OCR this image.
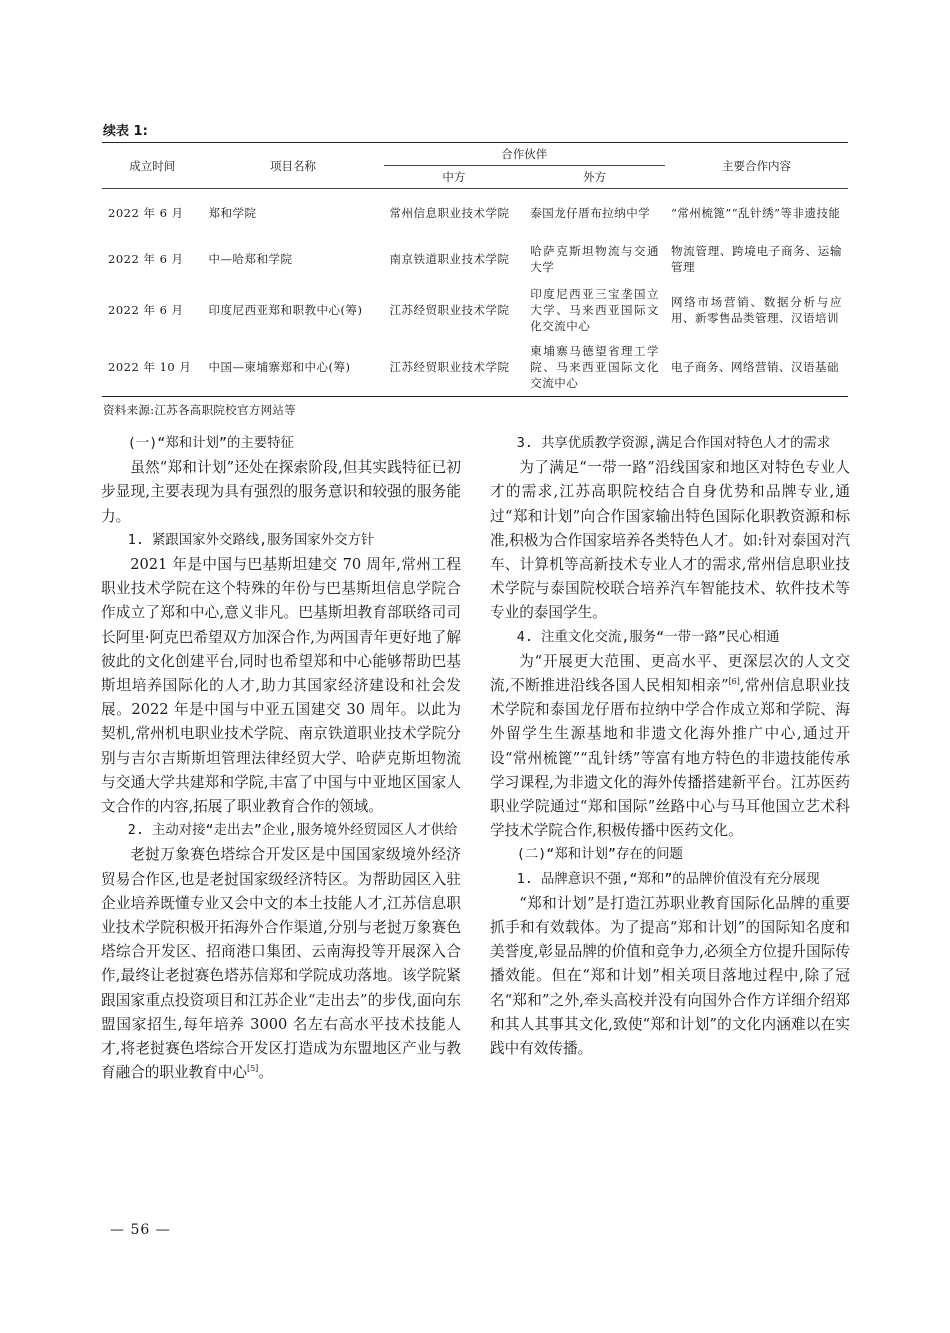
续表 1:
成立时间	项目名称	合作伙伴		主要合作内容
		中方	外方	
2022 年 6 月	郑和学院	常州信息职业技术学院	泰国龙仔厝布拉纳中学	“常州梳篦”“乱针绣”等非遗技能
2022 年 6 月	中—哈郑和学院	南京铁道职业技术学院	哈萨克斯坦物流与交通大学	物流管理、跨境电子商务、运输管理
2022 年 6 月	印度尼西亚郑和职教中心(筹)	江苏经贸职业技术学院	印度尼西亚三宝垄国立大学、马来西亚国际文化交流中心	网络市场营销、数据分析与应用、新零售品类管理、汉语培训
2022 年 10 月	中国—柬埔寨郑和中心(筹)	江苏经贸职业技术学院	柬埔寨马德望省理工学院、马来西亚国际文化交流中心	电子商务、网络营销、汉语基础
资料来源:江苏各高职院校官方网站等

(一)“郑和计划”的主要特征

虽然“郑和计划”还处在探索阶段,但其实践特征已初步显现,主要表现为具有强烈的服务意识和较强的服务能力。

1. 紧跟国家外交路线,服务国家外交方针

2021 年是中国与巴基斯坦建交 70 周年,常州工程职业技术学院在这个特殊的年份与巴基斯坦信息学院合作成立了郑和中心,意义非凡。巴基斯坦教育部联络司司长阿里·阿克巴希望双方加深合作,为两国青年更好地了解彼此的文化创建平台,同时也希望郑和中心能够帮助巴基斯坦培养国际化的人才,助力其国家经济建设和社会发展。2022 年是中国与中亚五国建交 30 周年。以此为契机,常州机电职业技术学院、南京铁道职业技术学院分别与吉尔吉斯斯坦管理法律经贸大学、哈萨克斯坦物流与交通大学共建郑和学院,丰富了中国与中亚地区国家人文合作的内容,拓展了职业教育合作的领域。

2. 主动对接“走出去”企业,服务境外经贸园区人才供给

老挝万象赛色塔综合开发区是中国国家级境外经济贸易合作区,也是老挝国家级经济特区。为帮助园区入驻企业培养既懂专业又会中文的本土技能人才,江苏信息职业技术学院积极开拓海外合作渠道,分别与老挝万象赛色塔综合开发区、招商港口集团、云南海投等开展深入合作,最终让老挝赛色塔苏信郑和学院成功落地。该学院紧跟国家重点投资项目和江苏企业“走出去”的步伐,面向东盟国家招生,每年培养 3000 名左右高水平技术技能人才,将老挝赛色塔综合开发区打造成为东盟地区产业与教育融合的职业教育中心[5]。

3. 共享优质教学资源,满足合作国对特色人才的需求

为了满足“一带一路”沿线国家和地区对特色专业人才的需求,江苏高职院校结合自身优势和品牌专业,通过“郑和计划”向合作国家输出特色国际化职教资源和标准,积极为合作国家培养各类特色人才。如:针对泰国对汽车、计算机等高新技术专业人才的需求,常州信息职业技术学院与泰国院校联合培养汽车智能技术、软件技术等专业的泰国学生。

4. 注重文化交流,服务“一带一路”民心相通

为“开展更大范围、更高水平、更深层次的人文交流,不断推进沿线各国人民相知相亲”[6],常州信息职业技术学院和泰国龙仔厝布拉纳中学合作成立郑和学院、海外留学生生源基地和非遗文化海外推广中心,通过开设“常州梳篦”“乱针绣”等富有地方特色的非遗技能传承学习课程,为非遗文化的海外传播搭建新平台。江苏医药职业学院通过“郑和国际”丝路中心与马耳他国立艺术科学技术学院合作,积极传播中医药文化。

(二)“郑和计划”存在的问题

1. 品牌意识不强,“郑和”的品牌价值没有充分展现

“郑和计划”是打造江苏职业教育国际化品牌的重要抓手和有效载体。为了提高“郑和计划”的国际知名度和美誉度,彰显品牌的价值和竞争力,必须全方位提升国际传播效能。但在“郑和计划”相关项目落地过程中,除了冠名“郑和”之外,牵头高校并没有向国外合作方详细介绍郑和其人其事其文化,致使“郑和计划”的文化内涵难以在实践中有效传播。

— 56 —
